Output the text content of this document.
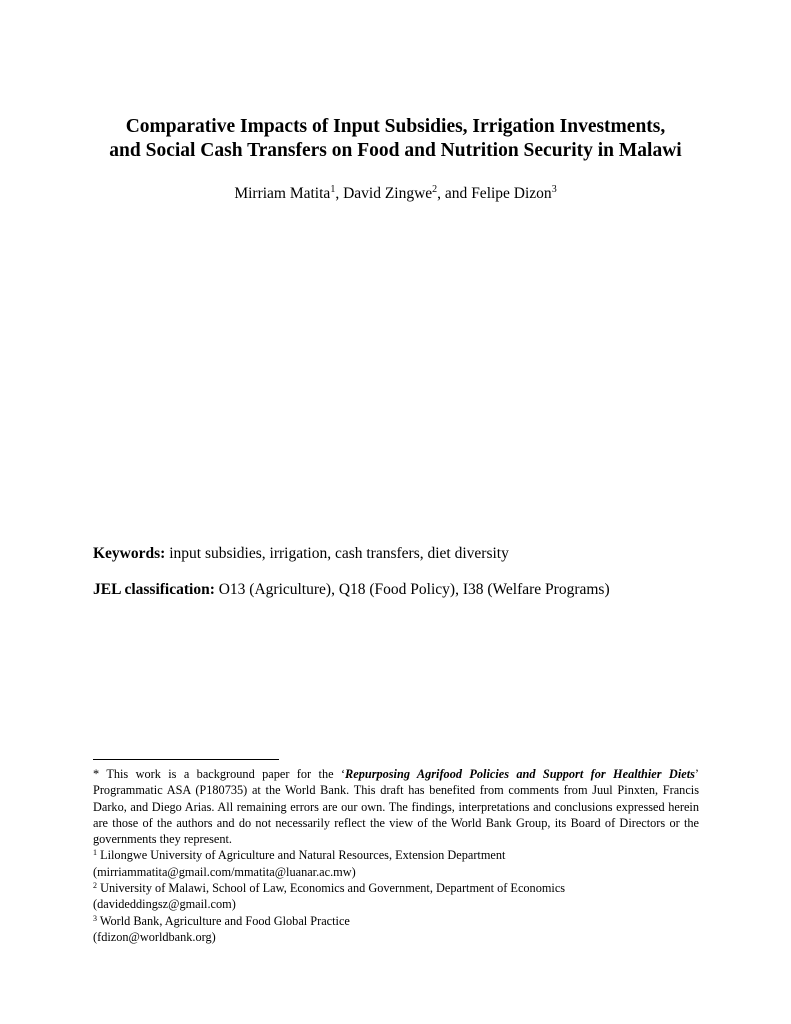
Comparative Impacts of Input Subsidies, Irrigation Investments,
and Social Cash Transfers on Food and Nutrition Security in Malawi
Mirriam Matita$^1$, David Zingwe$^2$, and Felipe Dizon$^3$
Keywords: input subsidies, irrigation, cash transfers, diet diversity
JEL classification: O13 (Agriculture), Q18 (Food Policy), I38 (Welfare Programs)
* This work is a background paper for the ‘Repurposing Agrifood Policies and Support for Healthier Diets’ Programmatic ASA (P180735) at the World Bank. This draft has benefited from comments from Juul Pinxten, Francis Darko, and Diego Arias. All remaining errors are our own. The findings, interpretations and conclusions expressed herein are those of the authors and do not necessarily reflect the view of the World Bank Group, its Board of Directors or the governments they represent.
$^1$ Lilongwe University of Agriculture and Natural Resources, Extension Department
(mirriammatita@gmail.com/mmatita@luanar.ac.mw)
$^2$ University of Malawi, School of Law, Economics and Government, Department of Economics
(davideddingsz@gmail.com)
$^3$ World Bank, Agriculture and Food Global Practice
(fdizon@worldbank.org)
